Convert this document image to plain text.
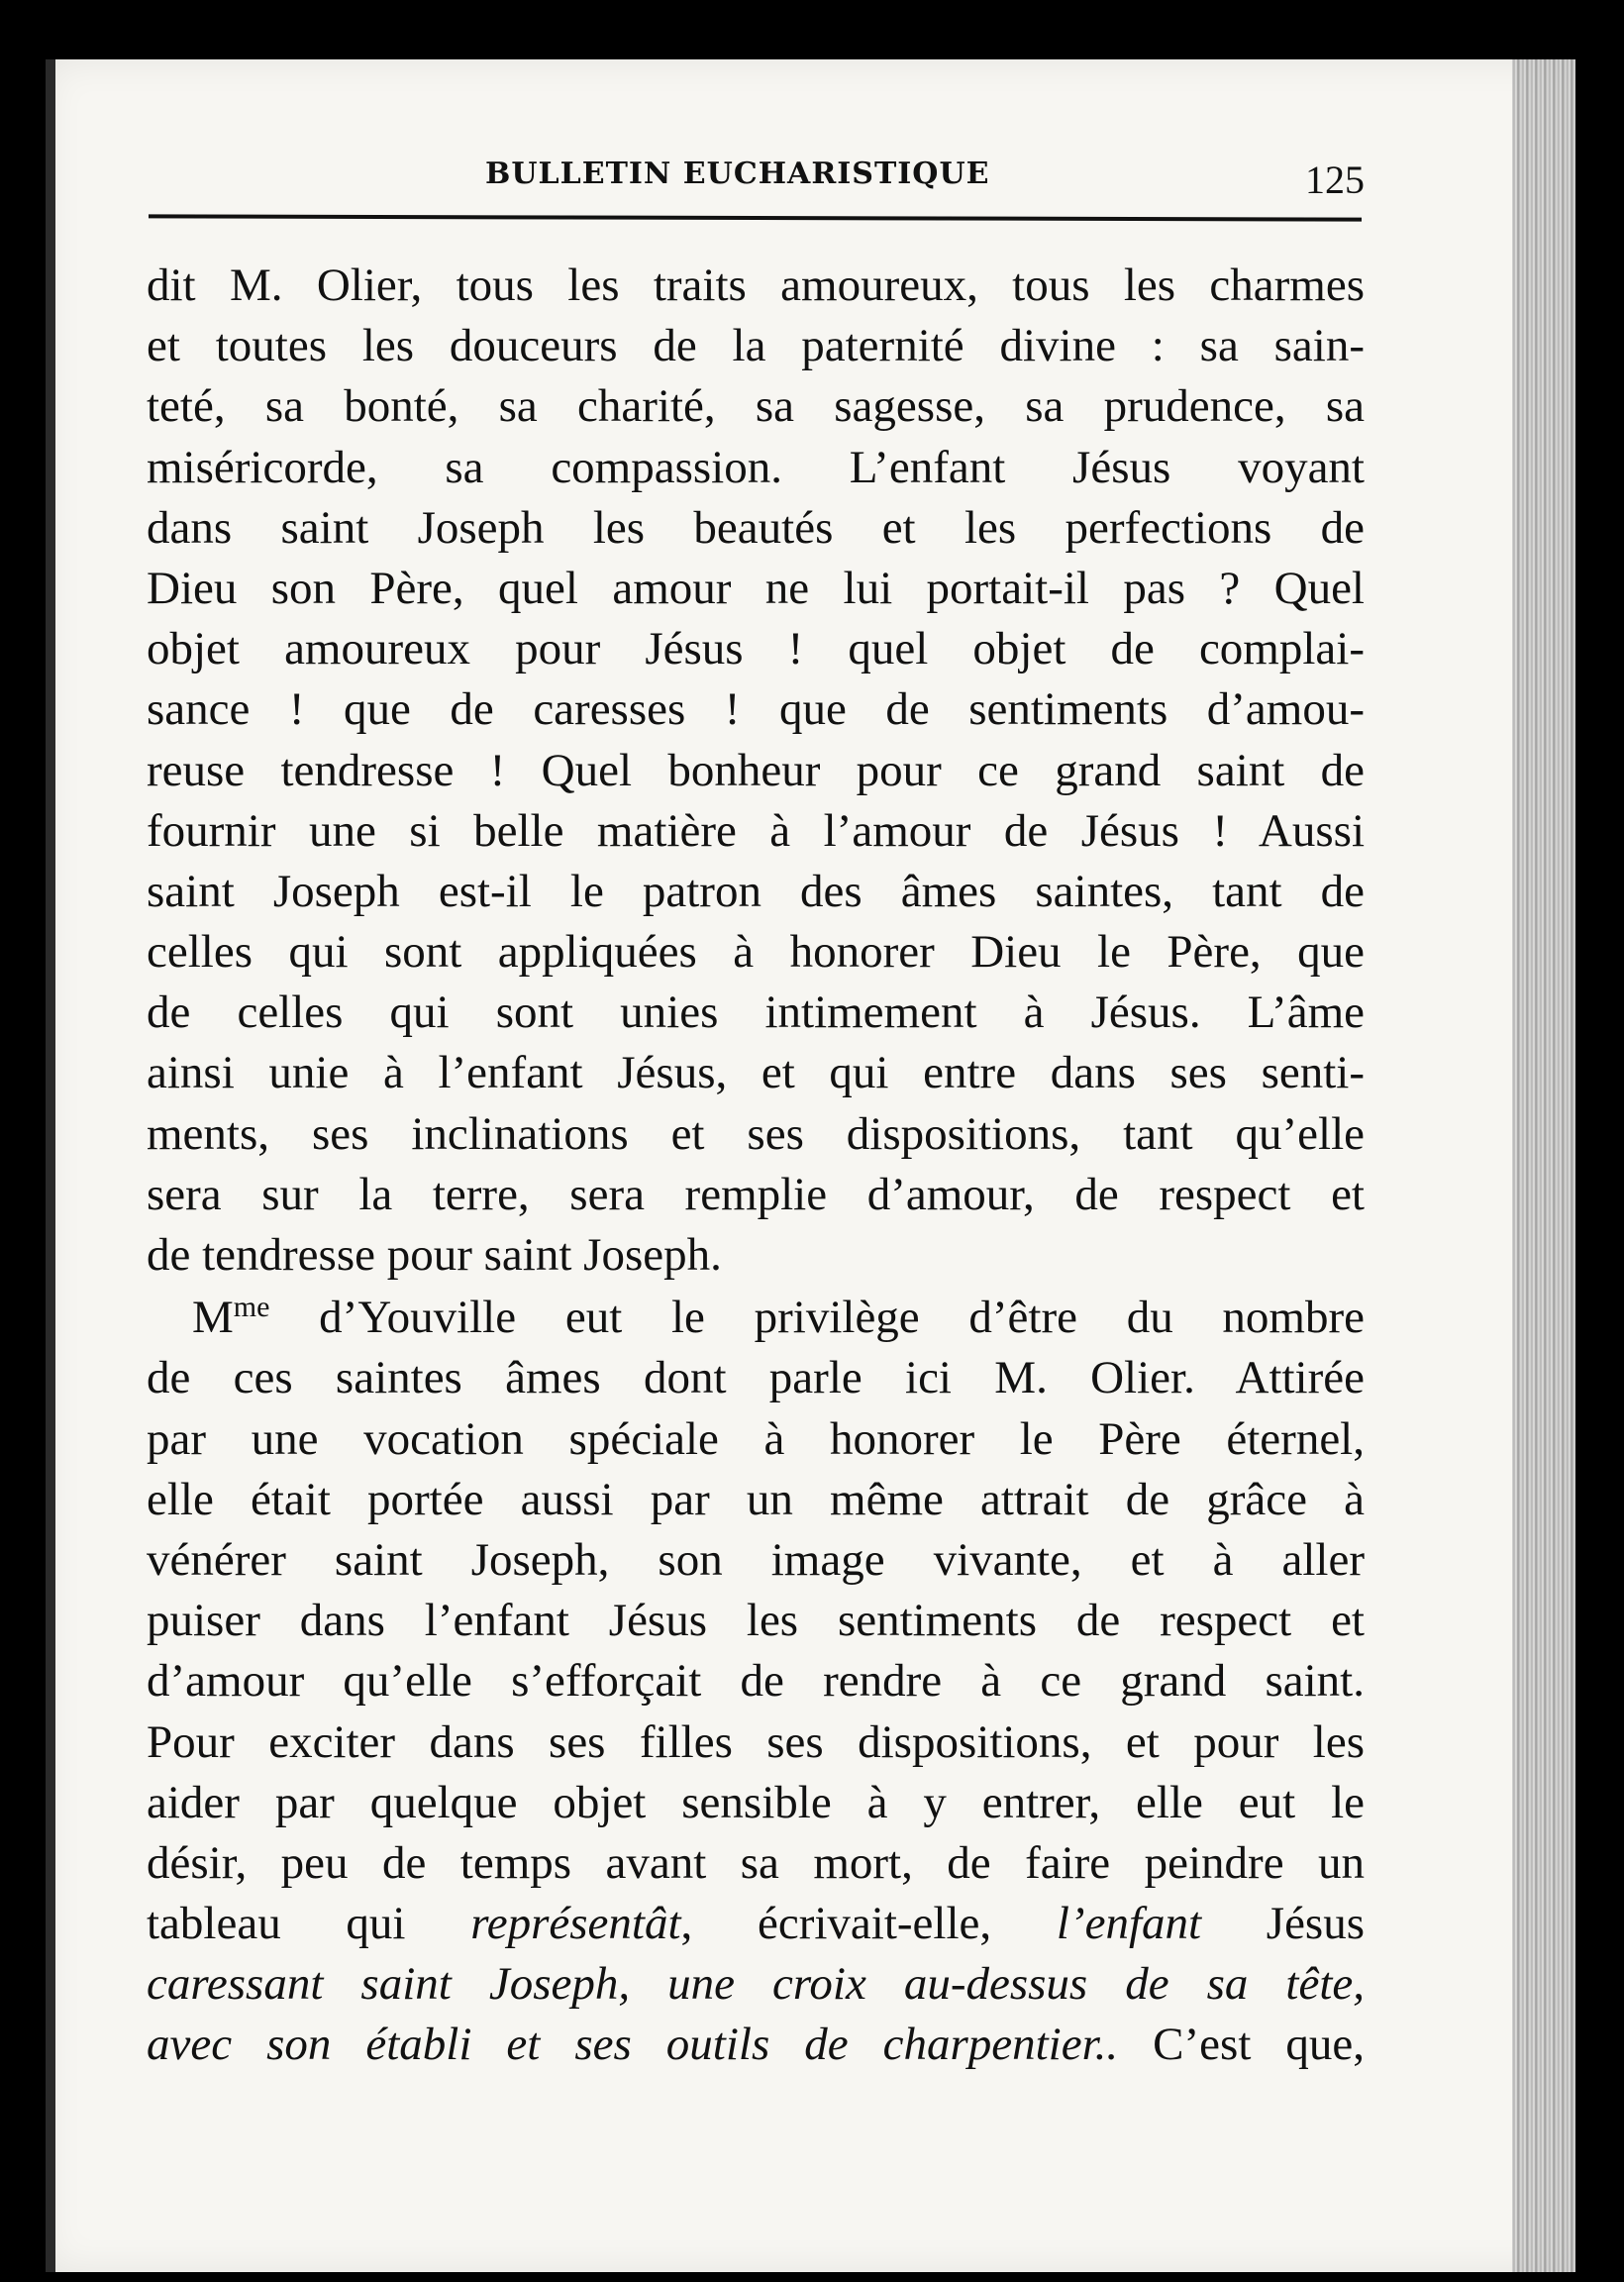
BULLETIN EUCHARISTIQUE	125
dit M. Olier, tous les traits amoureux, tous les charmes
et toutes les douceurs de la paternité divine : sa sain-
teté, sa bonté, sa charité, sa sagesse, sa prudence, sa
miséricorde, sa compassion. L’enfant Jésus voyant
dans saint Joseph les beautés et les perfections de
Dieu son Père, quel amour ne lui portait-il pas ? Quel
objet amoureux pour Jésus ! quel objet de complai-
sance ! que de caresses ! que de sentiments d’amou-
reuse tendresse ! Quel bonheur pour ce grand saint de
fournir une si belle matière à l’amour de Jésus ! Aussi
saint Joseph est-il le patron des âmes saintes, tant de
celles qui sont appliquées à honorer Dieu le Père, que
de celles qui sont unies intimement à Jésus. L’âme
ainsi unie à l’enfant Jésus, et qui entre dans ses senti-
ments, ses inclinations et ses dispositions, tant qu’elle
sera sur la terre, sera remplie d’amour, de respect et
de tendresse pour saint Joseph.
$M^{me}$ d’Youville eut le privilège d’être du nombre
de ces saintes âmes dont parle ici M. Olier. Attirée
par une vocation spéciale à honorer le Père éternel,
elle était portée aussi par un même attrait de grâce à
vénérer saint Joseph, son image vivante, et à aller
puiser dans l’enfant Jésus les sentiments de respect et
d’amour qu’elle s’efforçait de rendre à ce grand saint.
Pour exciter dans ses filles ses dispositions, et pour les
aider par quelque objet sensible à y entrer, elle eut le
désir, peu de temps avant sa mort, de faire peindre un
tableau qui représentât, écrivait-elle, l’enfant Jésus
caressant saint Joseph, une croix au-dessus de sa tête,
avec son établi et ses outils de charpentier.. C’est que,
